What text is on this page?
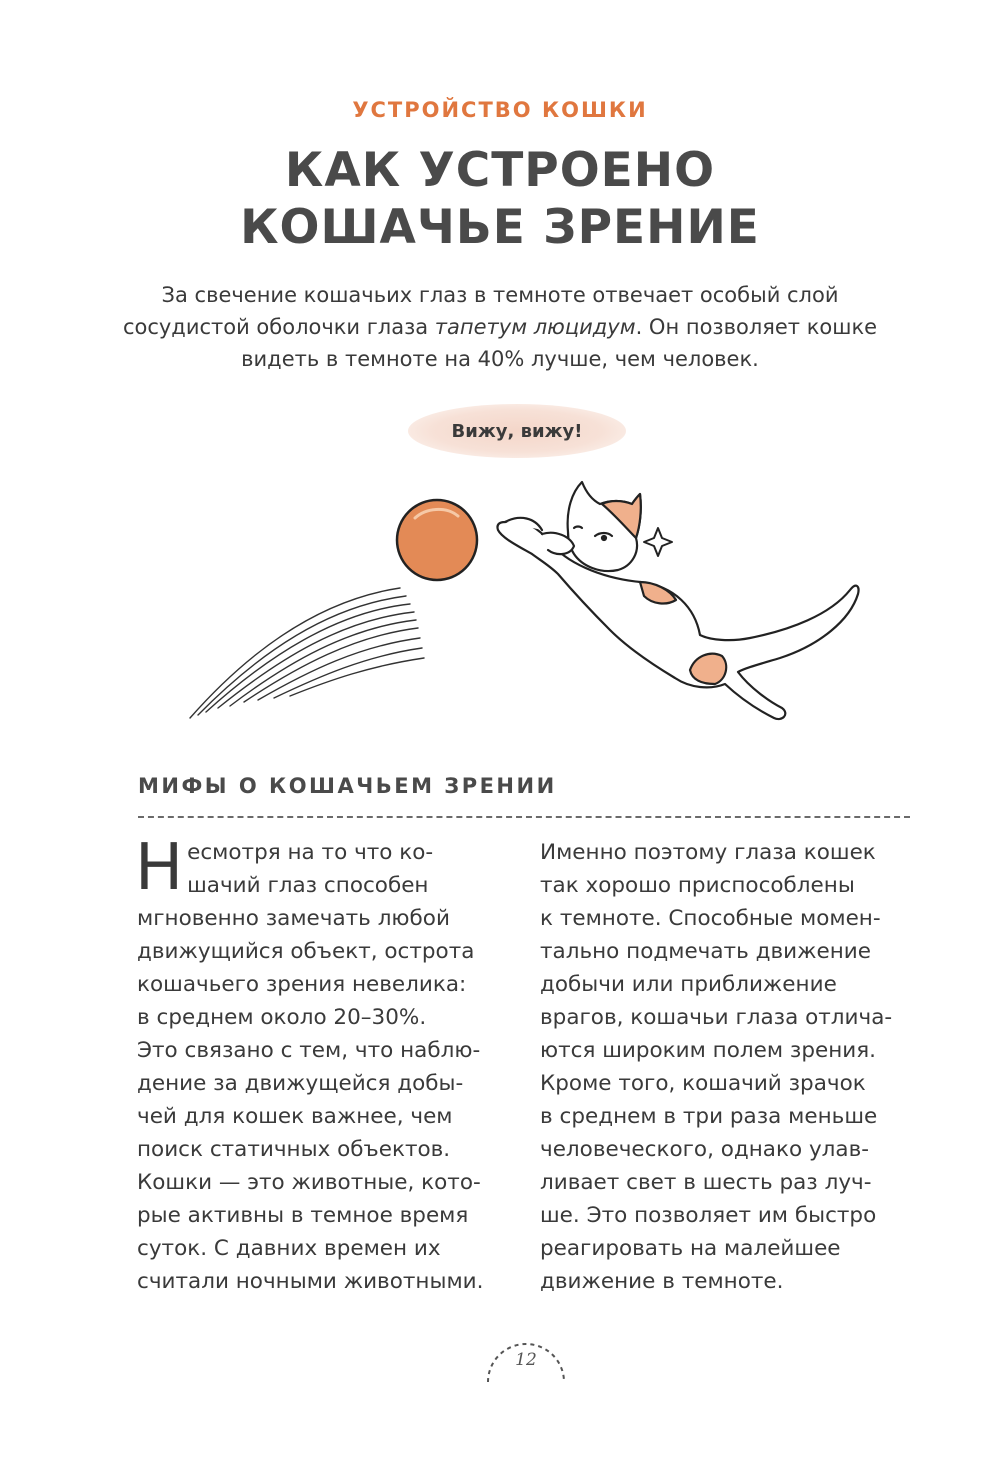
УСТРОЙСТВО КОШКИ
КАК УСТРОЕНО
КОШАЧЬЕ ЗРЕНИЕ

За свечение кошачьих глаз в темноте отвечает особый слой
сосудистой оболочки глаза тапетум люцидум. Он позволяет кошке
видеть в темноте на 40% лучше, чем человек.

Вижу, вижу!
МИФЫ О КОШАЧЬЕМ ЗРЕНИИ
Н есмотря на то что ко-
шачий глаз способен
мгновенно замечать любой
движущийся объект, острота
кошачьего зрения невелика:
в среднем около 20–30%.
Это связано с тем, что наблю-
дение за движущейся добы-
чей для кошек важнее, чем
поиск статичных объектов.
Кошки — это животные, кото-
рые активны в темное время
суток. С давних времен их
считали ночными животными.
Именно поэтому глаза кошек
так хорошо приспособлены
к темноте. Способные момен-
тально подмечать движение
добычи или приближение
врагов, кошачьи глаза отлича-
ются широким полем зрения.
Кроме того, кошачий зрачок
в среднем в три раза меньше
человеческого, однако улав-
ливает свет в шесть раз луч-
ше. Это позволяет им быстро
реагировать на малейшее
движение в темноте.
12
